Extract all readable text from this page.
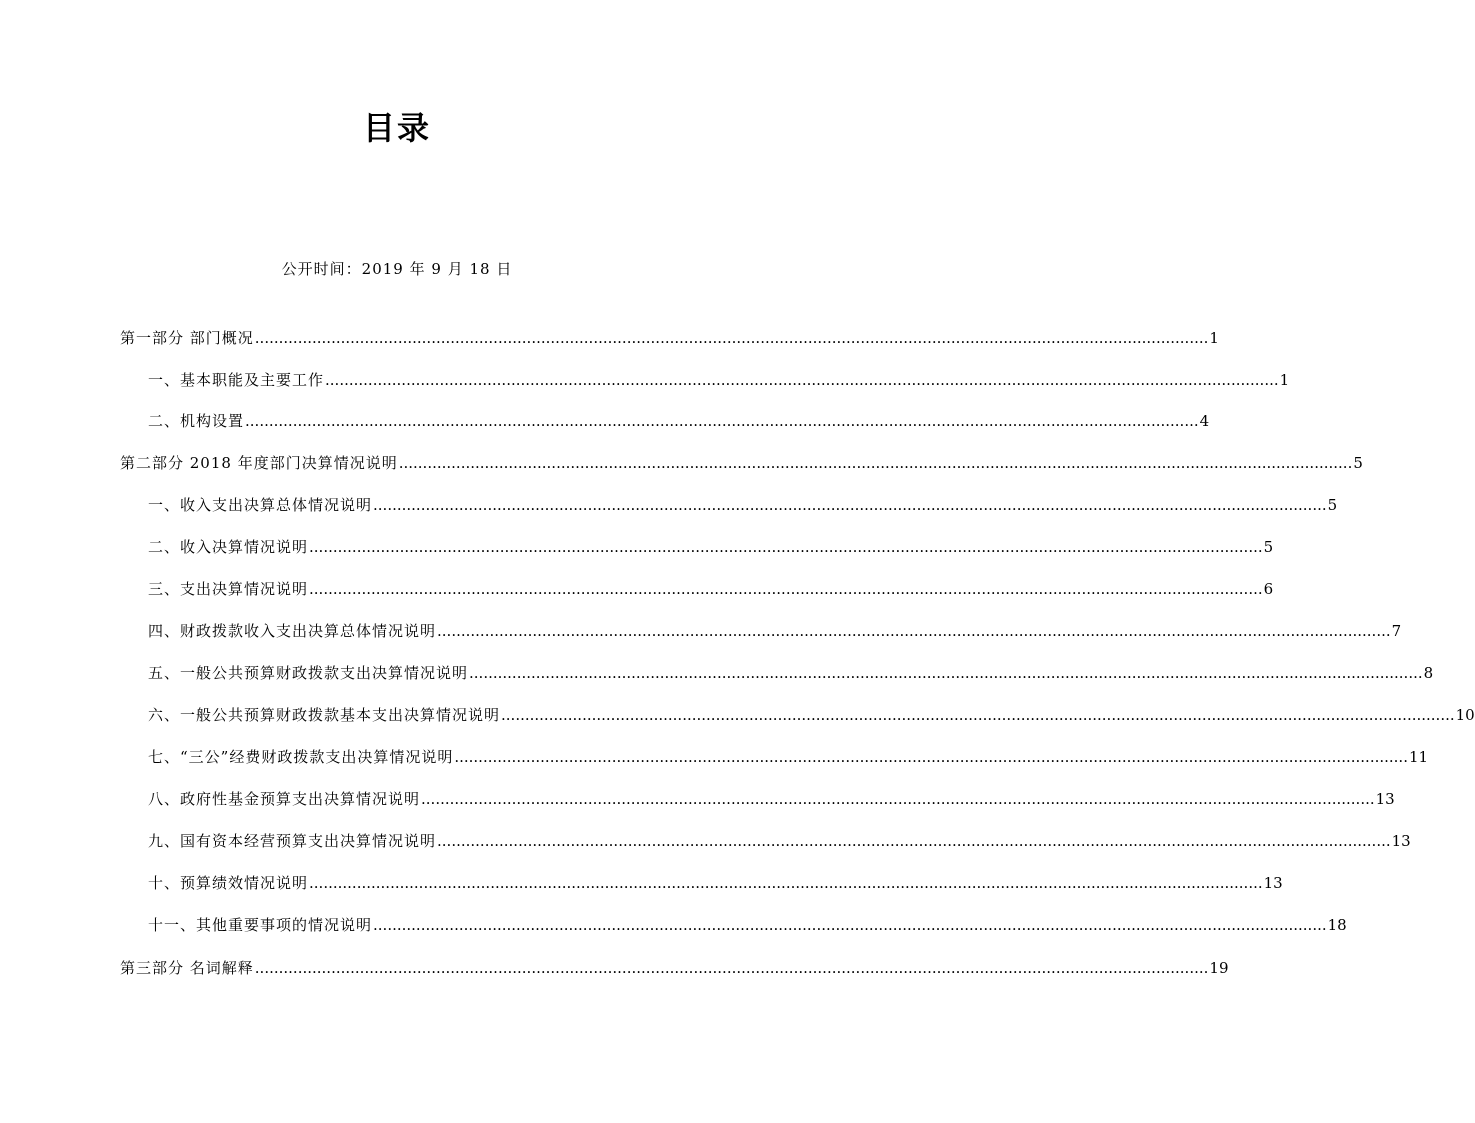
目录
公开时间：2019 年 9 月 18 日
第一部分 部门概况 ........................................................................................................................................................................................................ 1
一、基本职能及主要工作 ........................................................................................................................................................................................................ 1
二、机构设置 ........................................................................................................................................................................................................ 4
第二部分 2018 年度部门决算情况说明 ........................................................................................................................................................................................................ 5
一、收入支出决算总体情况说明 ........................................................................................................................................................................................................ 5
二、收入决算情况说明 ........................................................................................................................................................................................................ 5
三、支出决算情况说明 ........................................................................................................................................................................................................ 6
四、财政拨款收入支出决算总体情况说明 ........................................................................................................................................................................................................ 7
五、一般公共预算财政拨款支出决算情况说明 ........................................................................................................................................................................................................ 8
六、一般公共预算财政拨款基本支出决算情况说明 ........................................................................................................................................................................................................ 10
七、“三公”经费财政拨款支出决算情况说明 ........................................................................................................................................................................................................ 11
八、政府性基金预算支出决算情况说明 ........................................................................................................................................................................................................ 13
九、国有资本经营预算支出决算情况说明 ........................................................................................................................................................................................................ 13
十、预算绩效情况说明 ........................................................................................................................................................................................................ 13
十一、其他重要事项的情况说明 ........................................................................................................................................................................................................ 18
第三部分 名词解释 ........................................................................................................................................................................................................ 19
